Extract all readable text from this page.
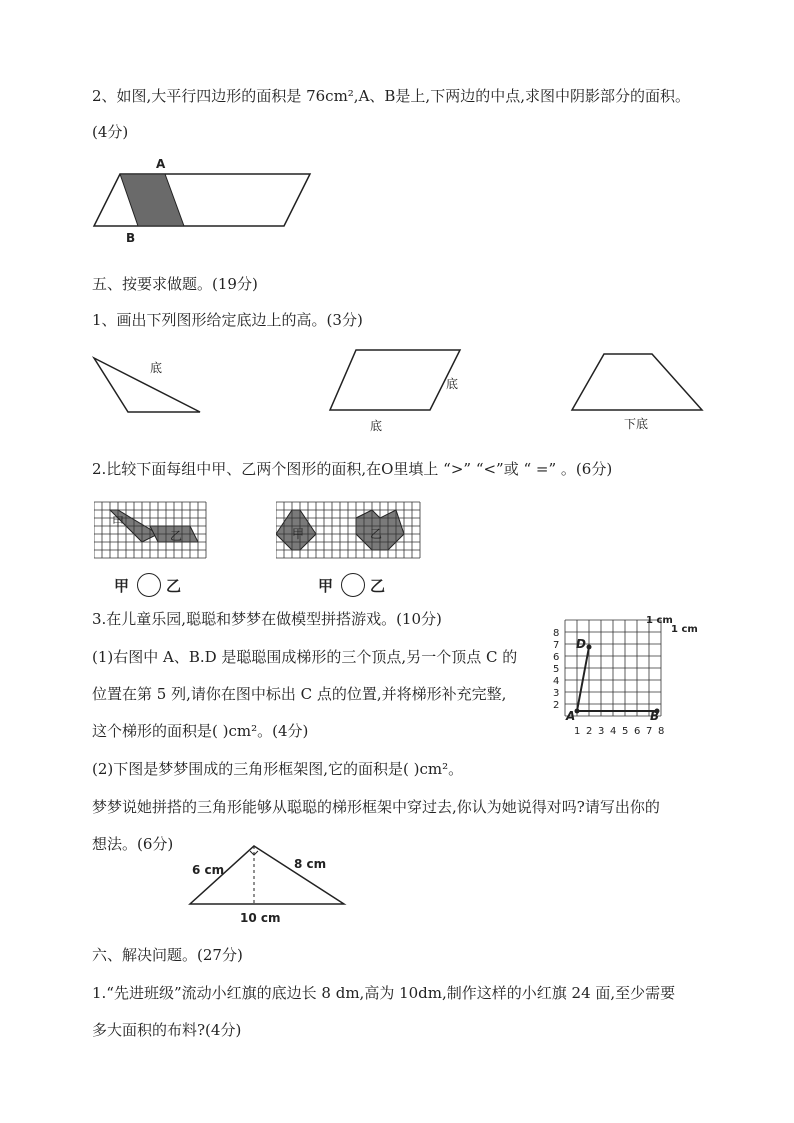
2、如图,大平行四边形的面积是 76cm²,A、B是上,下两边的中点,求图中阴影部分的面积。
(4分)
A
B
五、按要求做题。(19分)
1、画出下列图形给定底边上的高。(3分)
底
底
底	下底
2.比较下面每组中甲、乙两个图形的面积,在O里填上 “>” “<”或 “ =” 。(6分)
甲
乙	甲	乙
甲 乙	甲 乙
3.在儿童乐园,聪聪和梦梦在做模型拼搭游戏。(10分)
(1)右图中 A、B.D 是聪聪围成梯形的三个顶点,另一个顶点 C 的
位置在第 5 列,请你在图中标出 C 点的位置,并将梯形补充完整,
这个梯形的面积是( )cm²。(4分)
(2)下图是梦梦围成的三角形框架图,它的面积是( )cm²。
梦梦说她拼搭的三角形能够从聪聪的梯形框架中穿过去,你认为她说得对吗?请写出你的
想法。(6分)
1 2 3 4 5 6 7 8
2
3
4
5
6
7
8
A	B
D
1 cm
1 cm
6 cm	8 cm
10 cm
六、解决问题。(27分)
1.“先进班级”流动小红旗的底边长 8 dm,高为 10dm,制作这样的小红旗 24 面,至少需要
多大面积的布料?(4分)
